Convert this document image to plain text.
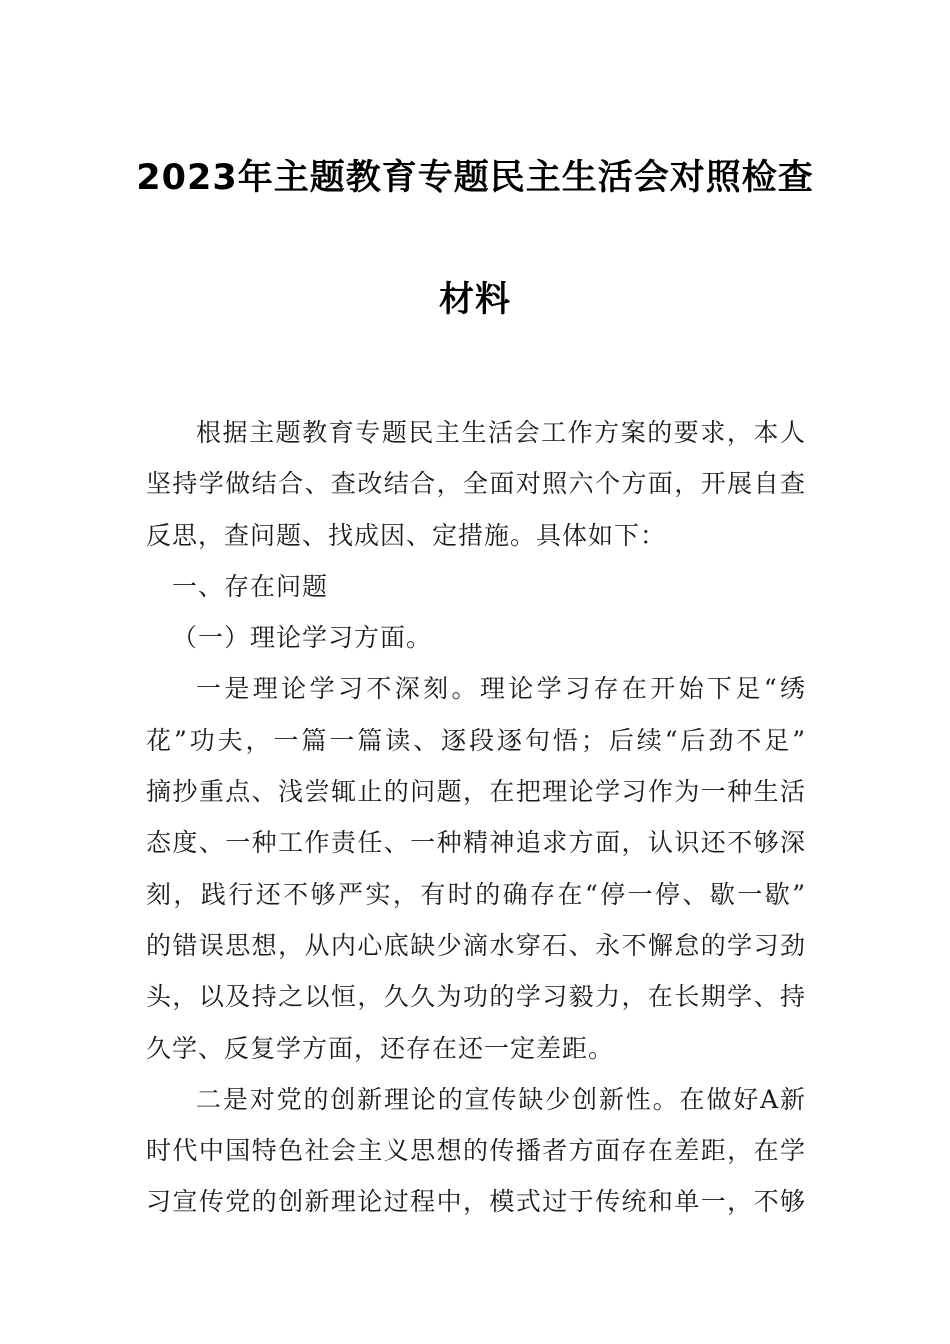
2023年主题教育专题民主生活会对照检查
材料
根据主题教育专题民主生活会工作方案的要求，本人
坚持学做结合、查改结合，全面对照六个方面，开展自查
反思，查问题、找成因、定措施。具体如下：
一、存在问题
（一）理论学习方面。
一是理论学习不深刻。理论学习存在开始下足“绣
花”功夫，一篇一篇读、逐段逐句悟；后续“后劲不足”
摘抄重点、浅尝辄止的问题，在把理论学习作为一种生活
态度、一种工作责任、一种精神追求方面，认识还不够深
刻，践行还不够严实，有时的确存在“停一停、歇一歇”
的错误思想，从内心底缺少滴水穿石、永不懈怠的学习劲
头，以及持之以恒，久久为功的学习毅力，在长期学、持
久学、反复学方面，还存在还一定差距。
二是对党的创新理论的宣传缺少创新性。在做好A新
时代中国特色社会主义思想的传播者方面存在差距，在学
习宣传党的创新理论过程中，模式过于传统和单一，不够
